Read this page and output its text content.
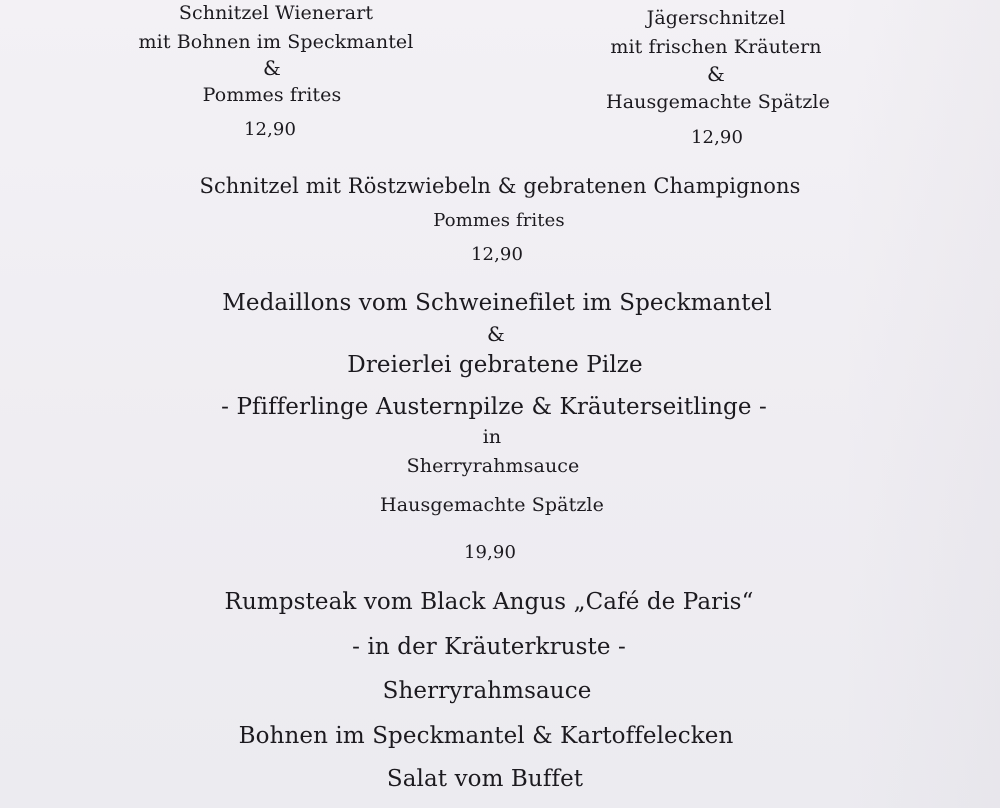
Schnitzel Wienerart
mit Bohnen im Speckmantel
&
Pommes frites
12,90
Jägerschnitzel
mit frischen Kräutern
&
Hausgemachte Spätzle
12,90
Schnitzel mit Röstzwiebeln & gebratenen Champignons
Pommes frites
12,90
Medaillons vom Schweinefilet im Speckmantel
&
Dreierlei gebratene Pilze
- Pfifferlinge Austernpilze & Kräuterseitlinge -
in
Sherryrahmsauce
Hausgemachte Spätzle
19,90
Rumpsteak vom Black Angus „Café de Paris“
- in der Kräuterkruste -
Sherryrahmsauce
Bohnen im Speckmantel & Kartoffelecken
Salat vom Buffet
